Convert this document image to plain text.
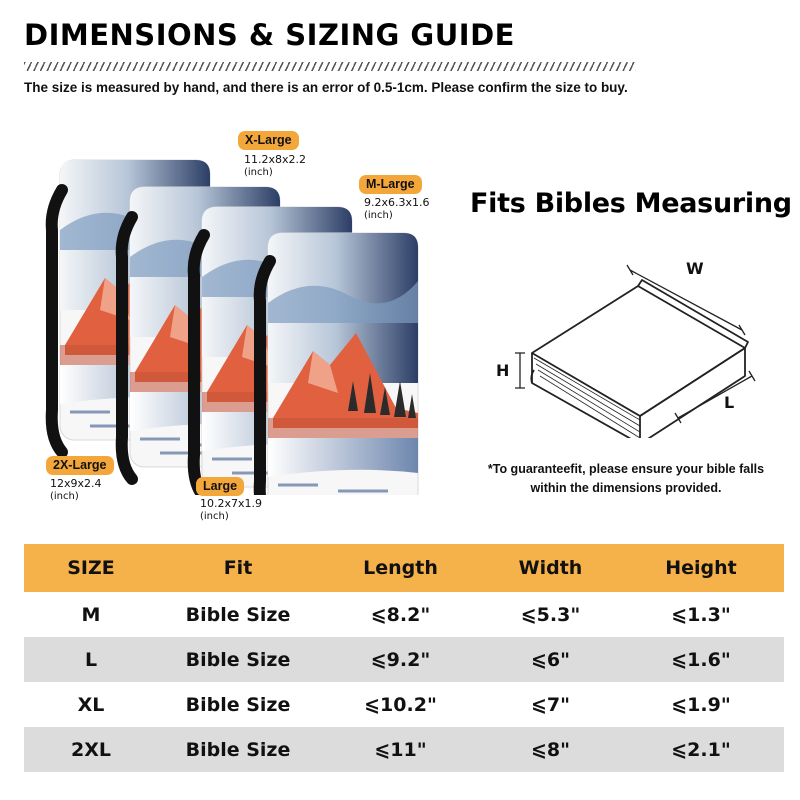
DIMENSIONS & SIZING GUIDE
The size is measured by hand, and there is an error of 0.5-1cm. Please confirm the size to buy.
X-Large
11.2x8x2.2
(inch)
M-Large
9.2x6.3x1.6
(inch)
2X-Large
12x9x2.4
(inch)
Large
10.2x7x1.9
(inch)
Fits Bibles Measuring
W
H
L
*To guaranteefit, please ensure your bible falls
within the dimensions provided.
SIZE	Fit	Length	Width	Height
M	Bible Size	⩽8.2"	⩽5.3"	⩽1.3"
L	Bible Size	⩽9.2"	⩽6"	⩽1.6"
XL	Bible Size	⩽10.2"	⩽7"	⩽1.9"
2XL	Bible Size	⩽11"	⩽8"	⩽2.1"
